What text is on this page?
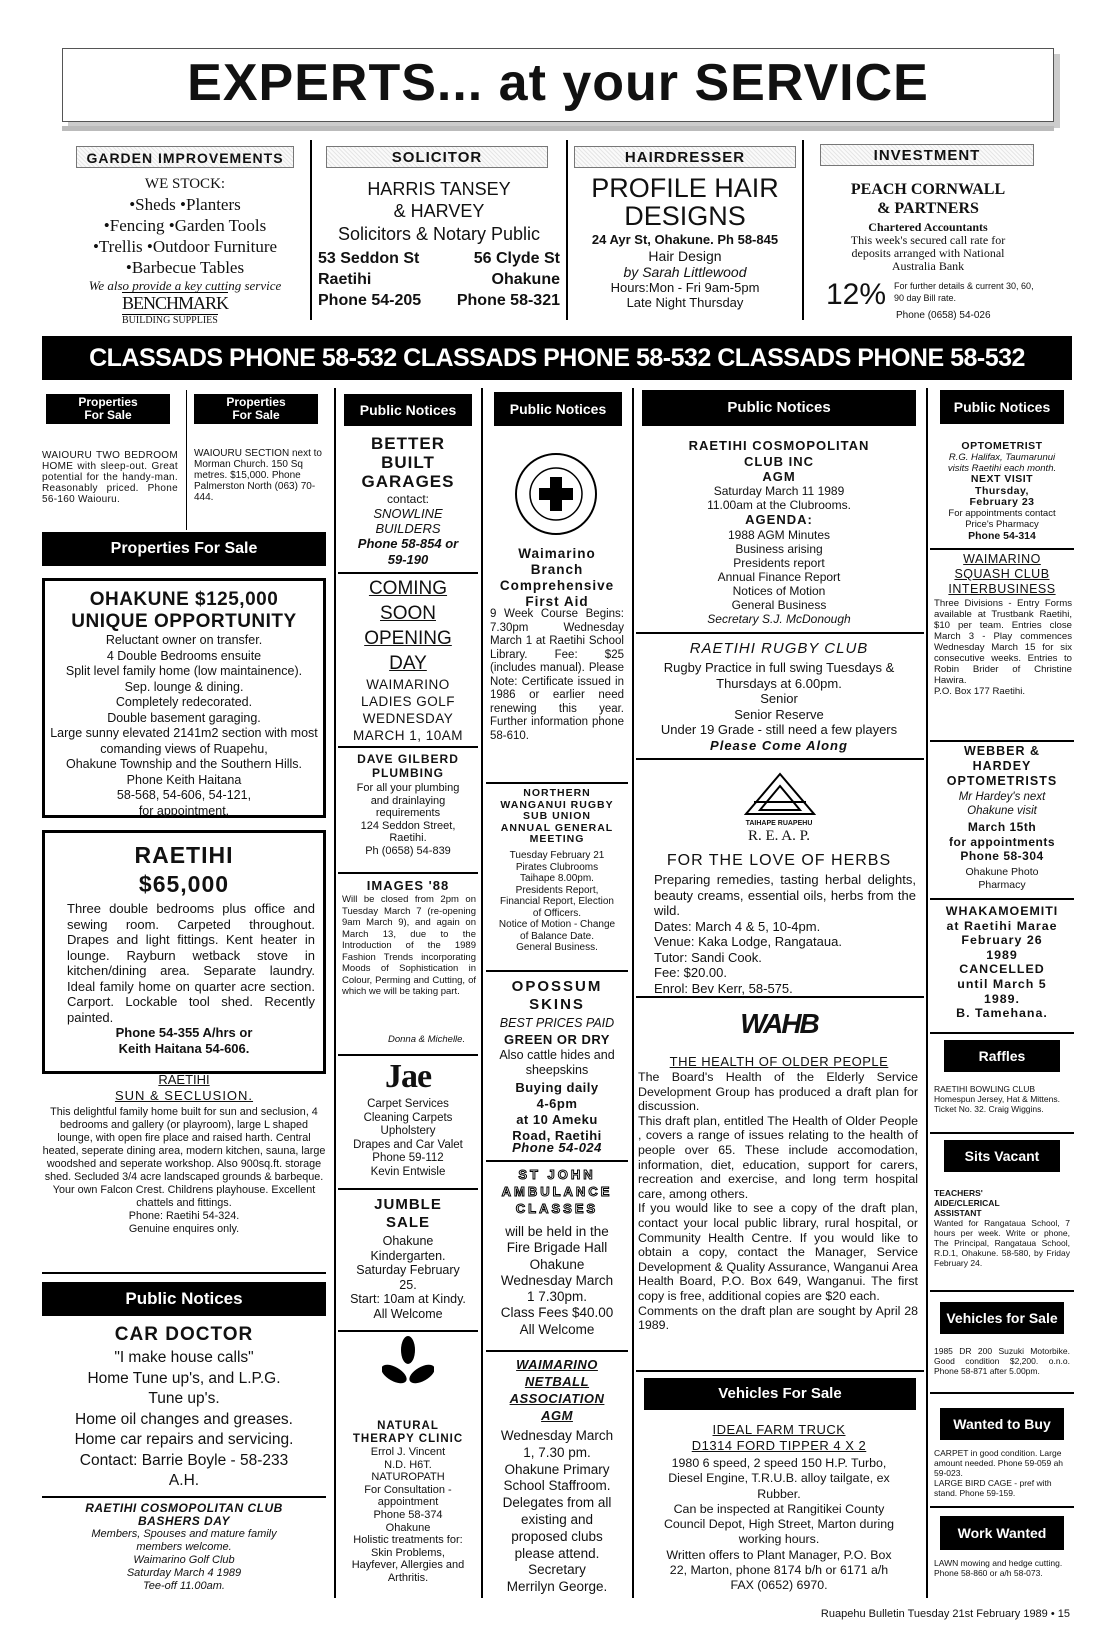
EXPERTS... at your SERVICE
GARDEN IMPROVEMENTS
WE STOCK:
•Sheds •Planters
•Fencing •Garden Tools
•Trellis •Outdoor Furniture
•Barbecue Tables
We also provide a key cutting service
BENCHMARK
BUILDING SUPPLIES
SOLICITOR
HARRIS TANSEY
& HARVEY
Solicitors & Notary Public
53 Seddon St
Raetihi
Phone 54-205
56 Clyde St
Ohakune
Phone 58-321
HAIRDRESSER
PROFILE HAIR
DESIGNS
24 Ayr St, Ohakune. Ph 58-845
Hair Design
by Sarah Littlewood
Hours:Mon - Fri 9am-5pm
Late Night Thursday
INVESTMENT
PEACH CORNWALL
& PARTNERS
Chartered Accountants
This week's secured call rate for
deposits arranged with National
Australia Bank
12% For further details & current 30, 60,
90 day Bill rate.
Phone (0658) 54-026
CLASSADS PHONE 58-532 CLASSADS PHONE 58-532 CLASSADS PHONE 58-532
Properties
For Sale
Properties
For Sale
WAIOURU TWO BEDROOM HOME with sleep-out. Great potential for the handy-man. Reasonably priced. Phone 56-160 Waiouru.
WAIOURU SECTION next to Morman Church. 150 Sq metres. $15,000. Phone Palmerston North (063) 70-444.
Properties For Sale
OHAKUNE $125,000
UNIQUE OPPORTUNITY
Reluctant owner on transfer.
4 Double Bedrooms ensuite
Split level family home (low maintainence).
Sep. lounge & dining.
Completely redecorated.
Double basement garaging.
Large sunny elevated 2141m2 section with most comanding views of Ruapehu,
Ohakune Township and the Southern Hills.
Phone Keith Haitana
58-568, 54-606, 54-121,
for appointment.
RAETIHI
$65,000
Three double bedrooms plus office and sewing room. Carpeted throughout. Drapes and light fittings. Kent heater in lounge. Rayburn wetback stove in kitchen/dining area. Separate laundry. Ideal family home on quarter acre section. Carport. Lockable tool shed. Recently painted.
Phone 54-355 A/hrs or
Keith Haitana 54-606.
RAETIHI
SUN & SECLUSION.
This delightful family home built for sun and seclusion, 4 bedrooms and gallery (or playroom), large L shaped lounge, with open fire place and raised harth. Central heated, seperate dining area, modern kitchen, sauna, large woodshed and seperate workshop. Also 900sq.ft. storage shed. Secluded 3/4 acre landscaped grounds & barbeque. Your own Falcon Crest. Childrens playhouse. Excellent chattels and fittings.
Phone: Raetihi 54-324.
Genuine enquires only.
Public Notices
CAR DOCTOR
"I make house calls"
Home Tune up's, and L.P.G.
Tune up's.
Home oil changes and greases.
Home car repairs and servicing.
Contact: Barrie Boyle - 58-233
A.H.
RAETIHI COSMOPOLITAN CLUB
BASHERS DAY
Members, Spouses and mature family
members welcome.
Waimarino Golf Club
Saturday March 4 1989
Tee-off 11.00am.
Public Notices
BETTER
BUILT
GARAGES
contact:
SNOWLINE
BUILDERS
Phone 58-854 or
59-190
COMING
SOON
OPENING
DAY
WAIMARINO
LADIES GOLF
WEDNESDAY
MARCH 1, 10AM
DAVE GILBERD
PLUMBING
For all your plumbing
and drainlaying
requirements
124 Seddon Street,
Raetihi.
Ph (0658) 54-839
IMAGES '88
Will be closed from 2pm on Tuesday March 7 (re-opening 9am March 9), and again on March 13, due to the Introduction of the 1989 Fashion Trends incorporating Moods of Sophistication in Colour, Perming and Cutting, of which we will be taking part.
Donna & Michelle.
Jae
Carpet Services
Cleaning Carpets
Upholstery
Drapes and Car Valet
Phone 59-112
Kevin Entwisle
JUMBLE
SALE
Ohakune
Kindergarten.
Saturday February
25.
Start: 10am at Kindy.
All Welcome
NATURAL
THERAPY CLINIC
Errol J. Vincent
N.D. H6T.
NATUROPATH
For Consultation -
appointment
Phone 58-374
Ohakune
Holistic treatments for:
Skin Problems,
Hayfever, Allergies and
Arthritis.
Public Notices
Waimarino
Branch
Comprehensive
First Aid
9 Week Course Begins: 7.30pm Wednesday March 1 at Raetihi School Library. Fee: $25 (includes manual). Please Note: Certificate issued in 1986 or earlier need renewing this year. Further information phone 58-610.
NORTHERN
WANGANUI RUGBY
SUB UNION
ANNUAL GENERAL
MEETING
Tuesday February 21
Pirates Clubrooms
Taihape 8.00pm.
Presidents Report,
Financial Report, Election
of Officers.
Notice of Motion - Change
of Balance Date.
General Business.
OPOSSUM
SKINS
BEST PRICES PAID
GREEN OR DRY
Also cattle hides and
sheepskins
Buying daily
4-6pm
at 10 Ameku
Road, Raetihi
Phone 54-024
ST JOHN
AMBULANCE
CLASSES
will be held in the
Fire Brigade Hall
Ohakune
Wednesday March
1 7.30pm.
Class Fees $40.00
All Welcome
WAIMARINO
NETBALL
ASSOCIATION
AGM
Wednesday March
1, 7.30 pm.
Ohakune Primary
School Staffroom.
Delegates from all
existing and
proposed clubs
please attend.
Secretary
Merrilyn George.
Public Notices
RAETIHI COSMOPOLITAN
CLUB INC
AGM
Saturday March 11 1989
11.00am at the Clubrooms.
AGENDA:
1988 AGM Minutes
Business arising
Presidents report
Annual Finance Report
Notices of Motion
General Business
Secretary S.J. McDonough
RAETIHI RUGBY CLUB
Rugby Practice in full swing Tuesdays &
Thursdays at 6.00pm.
Senior
Senior Reserve
Under 19 Grade - still need a few players
Please Come Along
TAIHAPE RUAPEHU
R. E. A. P.
FOR THE LOVE OF HERBS
Preparing remedies, tasting herbal delights, beauty creams, essential oils, herbs from the wild.
Dates: March 4 & 5, 10-4pm.
Venue: Kaka Lodge, Rangataua.
Tutor: Sandi Cook.
Fee: $20.00.
Enrol: Bev Kerr, 58-575.
WAHB
THE HEALTH OF OLDER PEOPLE
The Board's Health of the Elderly Service Development Group has produced a draft plan for discussion.
This draft plan, entitled The Health of Older People , covers a range of issues relating to the health of people over 65. These include accomodation, information, diet, education, support for carers, recreation and exercise, and long term hospital care, among others.
If you would like to see a copy of the draft plan, contact your local public library, rural hospital, or Community Health Centre. If you would like to obtain a copy, contact the Manager, Service Development & Quality Assurance, Wanganui Area Health Board, P.O. Box 649, Wanganui. The first copy is free, additional copies are $20 each.
Comments on the draft plan are sought by April 28 1989.
Vehicles For Sale
IDEAL FARM TRUCK
D1314 FORD TIPPER 4 X 2
1980 6 speed, 2 speed 150 H.P. Turbo,
Diesel Engine, T.R.U.B. alloy tailgate, ex
Rubber.
Can be inspected at Rangitikei County
Council Depot, High Street, Marton during
working hours.
Written offers to Plant Manager, P.O. Box
22, Marton, phone 8174 b/h or 6171 a/h
FAX (0652) 6970.
Public Notices
OPTOMETRIST
R.G. Halifax, Taumarunui
visits Raetihi each month.
NEXT VISIT
Thursday,
February 23
For appointments contact
Price's Pharmacy
Phone 54-314
WAIMARINO
SQUASH CLUB
INTERBUSINESS
Three Divisions - Entry Forms available at Trustbank Raetihi, $10 per team. Entries close March 3 - Play commences Wednesday March 15 for six consecutive weeks. Entries to Robin Brider of Christine Hawira.
P.O. Box 177 Raetihi.
WEBBER &
HARDEY
OPTOMETRISTS
Mr Hardey's next
Ohakune visit
March 15th
for appointments
Phone 58-304
Ohakune Photo
Pharmacy
WHAKAMOEMITI
at Raetihi Marae
February 26
1989
CANCELLED
until March 5
1989.
B. Tamehana.
Raffles
RAETIHI BOWLING CLUB Homespun Jersey, Hat & Mittens. Ticket No. 32. Craig Wiggins.
Sits Vacant
TEACHERS'
AIDE/CLERICAL
ASSISTANT
Wanted for Rangataua School, 7 hours per week. Write or phone, The Principal, Rangataua School, R.D.1, Ohakune. 58-580, by Friday February 24.
Vehicles for Sale
1985 DR 200 Suzuki Motorbike. Good condition $2,200. o.n.o. Phone 58-871 after 5.00pm.
Wanted to Buy
CARPET in good condition. Large amount needed. Phone 59-059 ah 59-023.
LARGE BIRD CAGE - pref with stand. Phone 59-159.
Work Wanted
LAWN mowing and hedge cutting. Phone 58-860 or a/h 58-073.
Ruapehu Bulletin Tuesday 21st February 1989 • 15
